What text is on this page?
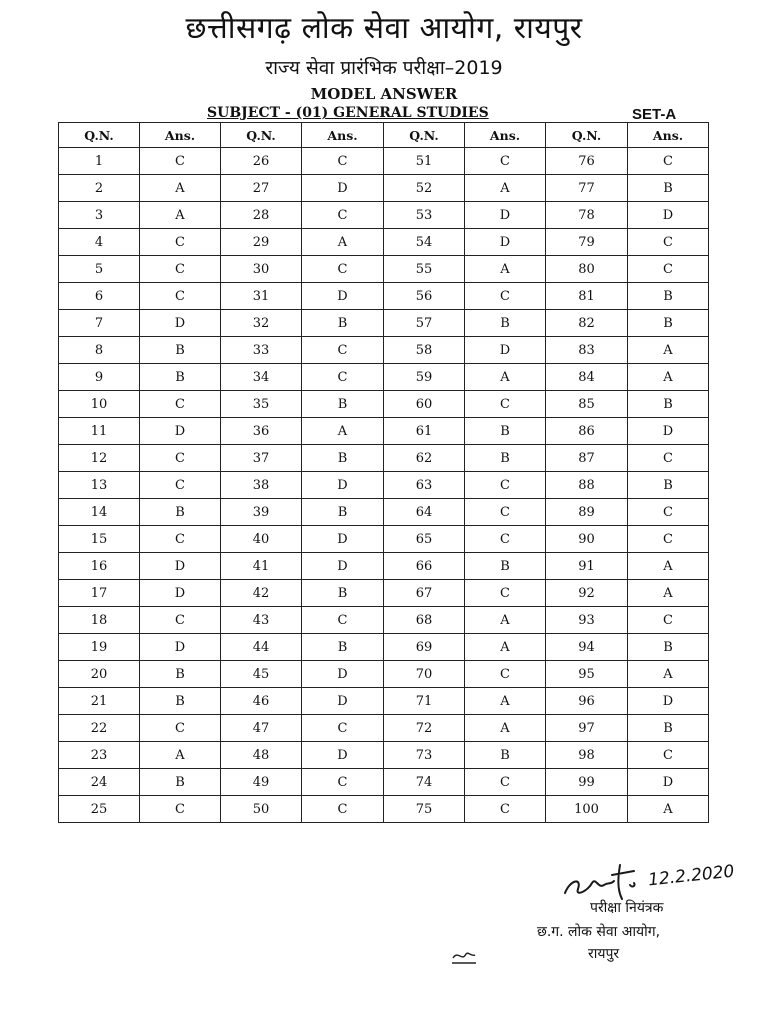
छत्तीसगढ़ लोक सेवा आयोग, रायपुर
राज्य सेवा प्रारंभिक परीक्षा–2019
MODEL ANSWER
SUBJECT - (01) GENERAL STUDIES	SET-A
Q.N.	Ans.	Q.N.	Ans.	Q.N.	Ans.	Q.N.	Ans.
1	C	26	C	51	C	76	C
2	A	27	D	52	A	77	B
3	A	28	C	53	D	78	D
4	C	29	A	54	D	79	C
5	C	30	C	55	A	80	C
6	C	31	D	56	C	81	B
7	D	32	B	57	B	82	B
8	B	33	C	58	D	83	A
9	B	34	C	59	A	84	A
10	C	35	B	60	C	85	B
11	D	36	A	61	B	86	D
12	C	37	B	62	B	87	C
13	C	38	D	63	C	88	B
14	B	39	B	64	C	89	C
15	C	40	D	65	C	90	C
16	D	41	D	66	B	91	A
17	D	42	B	67	C	92	A
18	C	43	C	68	A	93	C
19	D	44	B	69	A	94	B
20	B	45	D	70	C	95	A
21	B	46	D	71	A	96	D
22	C	47	C	72	A	97	B
23	A	48	D	73	B	98	C
24	B	49	C	74	C	99	D
25	C	50	C	75	C	100	A
12.2.2020
परीक्षा नियंत्रक
छ.ग. लोक सेवा आयोग,
रायपुर
